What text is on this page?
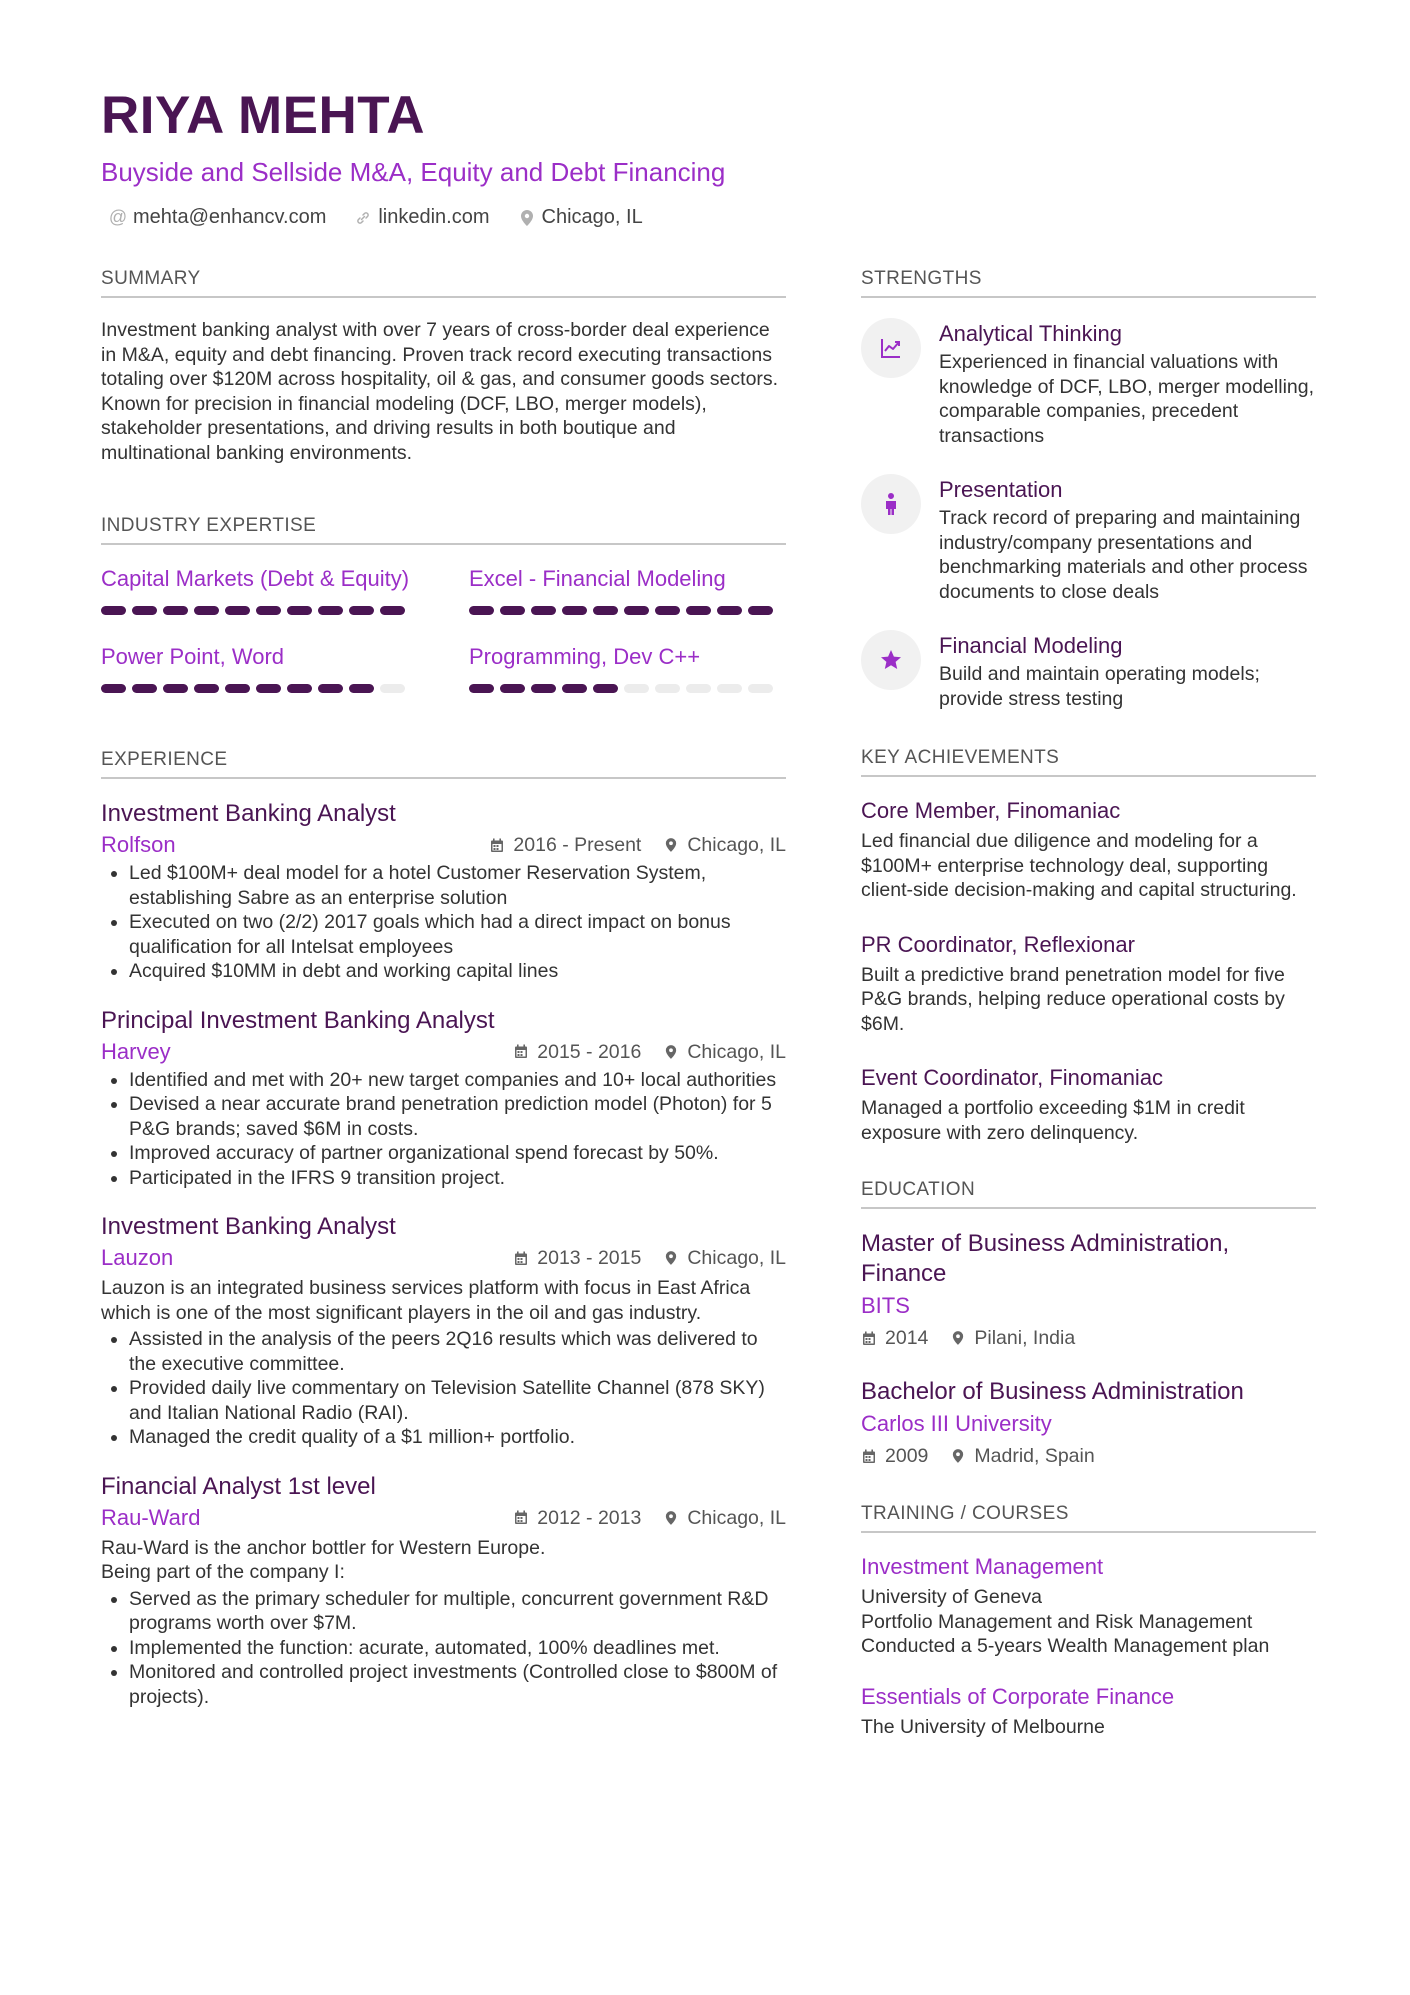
RIYA MEHTA
Buyside and Sellside M&A, Equity and Debt Financing
@ mehta@enhancv.com	linkedin.com	Chicago, IL
SUMMARY
Investment banking analyst with over 7 years of cross-border deal experience in M&A, equity and debt financing. Proven track record executing transactions totaling over $120M across hospitality, oil & gas, and consumer goods sectors. Known for precision in financial modeling (DCF, LBO, merger models), stakeholder presentations, and driving results in both boutique and multinational banking environments.
INDUSTRY EXPERTISE
Capital Markets (Debt & Equity)	Excel - Financial Modeling
Power Point, Word	Programming, Dev C++
EXPERIENCE
Investment Banking Analyst
Rolfson	2016 - Present Chicago, IL
• Led $100M+ deal model for a hotel Customer Reservation System, establishing Sabre as an enterprise solution
• Executed on two (2/2) 2017 goals which had a direct impact on bonus qualification for all Intelsat employees
• Acquired $10MM in debt and working capital lines
Principal Investment Banking Analyst
Harvey	2015 - 2016 Chicago, IL
• Identified and met with 20+ new target companies and 10+ local authorities
• Devised a near accurate brand penetration prediction model (Photon) for 5 P&G brands; saved $6M in costs.
• Improved accuracy of partner organizational spend forecast by 50%.
• Participated in the IFRS 9 transition project.
Investment Banking Analyst
Lauzon	2013 - 2015 Chicago, IL
Lauzon is an integrated business services platform with focus in East Africa which is one of the most significant players in the oil and gas industry.
• Assisted in the analysis of the peers 2Q16 results which was delivered to the executive committee.
• Provided daily live commentary on Television Satellite Channel (878 SKY) and Italian National Radio (RAI).
• Managed the credit quality of a $1 million+ portfolio.
Financial Analyst 1st level
Rau-Ward	2012 - 2013 Chicago, IL
Rau-Ward is the anchor bottler for Western Europe.
Being part of the company I:
• Served as the primary scheduler for multiple, concurrent government R&D programs worth over $7M.
• Implemented the function: acurate, automated, 100% deadlines met.
• Monitored and controlled project investments (Controlled close to $800M of projects).
STRENGTHS
Analytical Thinking
Experienced in financial valuations with knowledge of DCF, LBO, merger modelling, comparable companies, precedent transactions
Presentation
Track record of preparing and maintaining industry/company presentations and benchmarking materials and other process documents to close deals
Financial Modeling
Build and maintain operating models; provide stress testing
KEY ACHIEVEMENTS
Core Member, Finomaniac
Led financial due diligence and modeling for a $100M+ enterprise technology deal, supporting client-side decision-making and capital structuring.
PR Coordinator, Reflexionar
Built a predictive brand penetration model for five P&G brands, helping reduce operational costs by $6M.
Event Coordinator, Finomaniac
Managed a portfolio exceeding $1M in credit exposure with zero delinquency.
EDUCATION
Master of Business Administration, Finance
BITS
2014 Pilani, India
Bachelor of Business Administration
Carlos III University
2009 Madrid, Spain
TRAINING / COURSES
Investment Management
University of Geneva
Portfolio Management and Risk Management
Conducted a 5-years Wealth Management plan
Essentials of Corporate Finance
The University of Melbourne
